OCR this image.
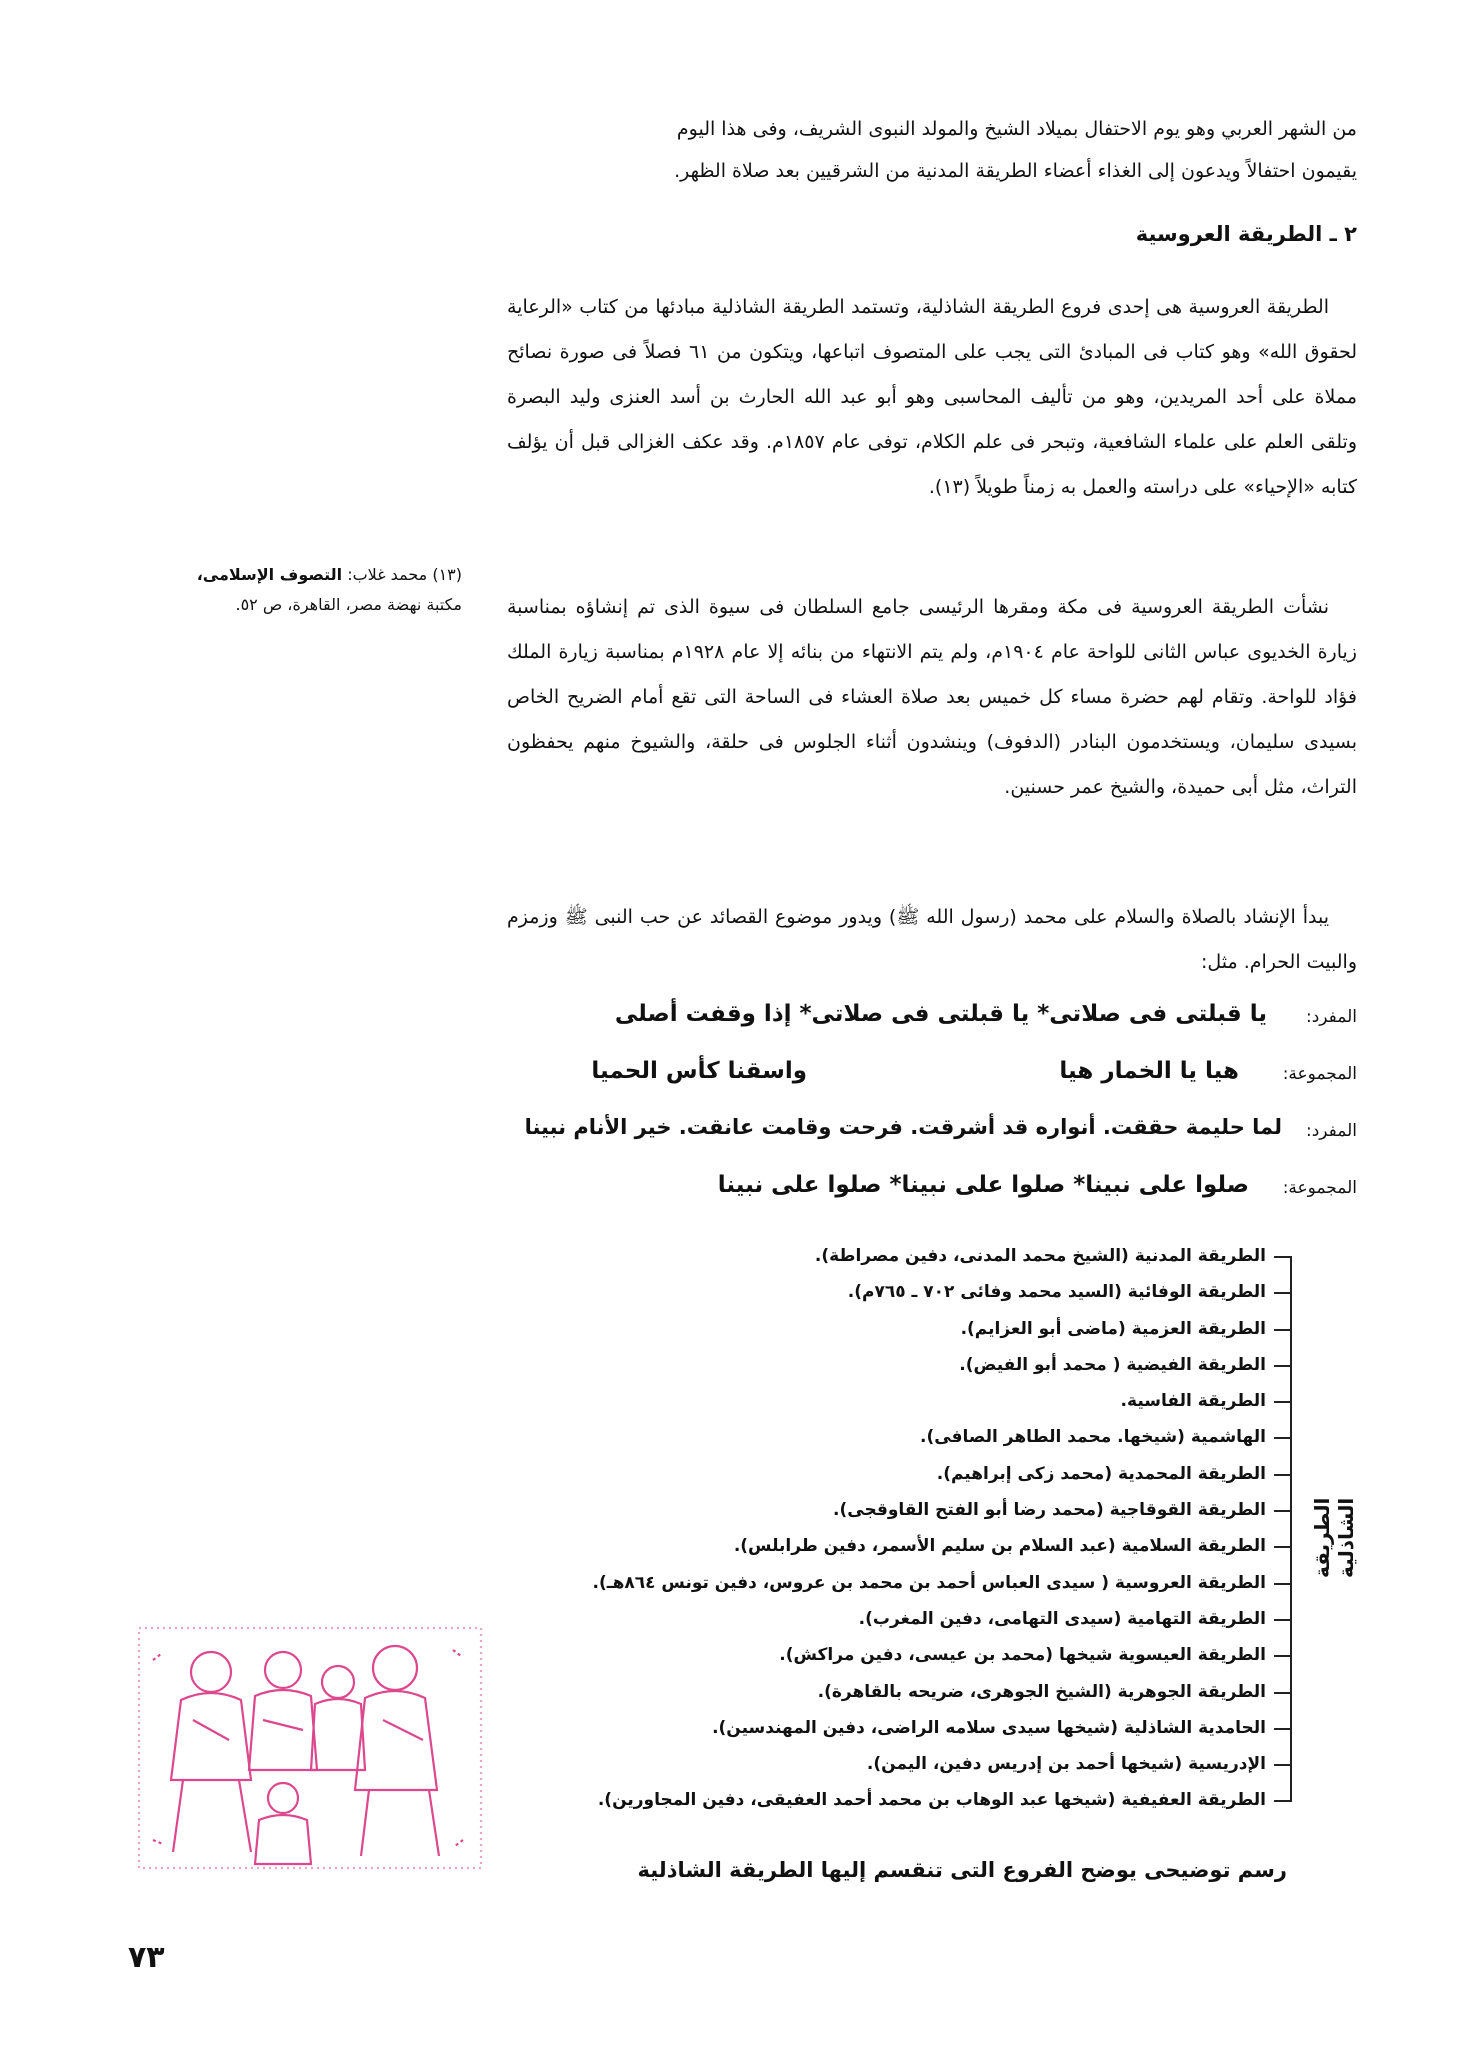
من الشهر العربي وهو يوم الاحتفال بميلاد الشيخ والمولد النبوى الشريف، وفى هذا اليوم
يقيمون احتفالاً ويدعون إلى الغذاء أعضاء الطريقة المدنية من الشرقيين بعد صلاة الظهر.
٢ ـ الطريقة العروسية

الطريقة العروسية هى إحدى فروع الطريقة الشاذلية، وتستمد الطريقة الشاذلية مبادئها من كتاب «الرعاية لحقوق الله» وهو كتاب فى المبادئ التى يجب على المتصوف اتباعها، ويتكون من ٦١ فصلاً فى صورة نصائح مملاة على أحد المريدين، وهو من تأليف المحاسبى وهو أبو عبد الله الحارث بن أسد العنزى وليد البصرة وتلقى العلم على علماء الشافعية، وتبحر فى علم الكلام، توفى عام ١٨٥٧م. وقد عكف الغزالى قبل أن يؤلف كتابه «الإحياء» على دراسته والعمل به زمناً طويلاً (١٣).

نشأت الطريقة العروسية فى مكة ومقرها الرئيسى جامع السلطان فى سيوة الذى تم إنشاؤه بمناسبة زيارة الخديوى عباس الثانى للواحة عام ١٩٠٤م، ولم يتم الانتهاء من بنائه إلا عام ١٩٢٨م بمناسبة زيارة الملك فؤاد للواحة. وتقام لهم حضرة مساء كل خميس بعد صلاة العشاء فى الساحة التى تقع أمام الضريح الخاص بسيدى سليمان، ويستخدمون البنادر (الدفوف) وينشدون أثناء الجلوس فى حلقة، والشيوخ منهم يحفظون التراث، مثل أبى حميدة، والشيخ عمر حسنين.

يبدأ الإنشاد بالصلاة والسلام على محمد (رسول الله ﷺ) ويدور موضوع القصائد عن حب النبى ﷺ وزمزم والبيت الحرام. مثل:

(١٣) محمد غلاب: التصوف الإسلامى،
مكتبة نهضة مصر، القاهرة، ص ٥٢.
المفرد:
يا قبلتى فى صلاتى* يا قبلتى فى صلاتى* إذا وقفت أصلى
المجموعة:
هيا يا الخمار هيا
واسقنا كأس الحميا
المفرد:
لما حليمة حققت. أنواره قد أشرقت. فرحت وقامت عانقت. خير الأنام نبينا
المجموعة:
صلوا على نبينا* صلوا على نبينا* صلوا على نبينا
الطريقة الشاذلية
الطريقة المدنية (الشيخ محمد المدنى، دفين مصراطة).
الطريقة الوفائية (السيد محمد وفائى ٧٠٢ ـ ٧٦٥م).
الطريقة العزمية (ماضى أبو العزايم).
الطريقة الفيضية ( محمد أبو الفيض).
الطريقة الفاسية.
الهاشمية (شيخها. محمد الطاهر الصافى).
الطريقة المحمدية (محمد زكى إبراهيم).
الطريقة القوقاجية (محمد رضا أبو الفتح القاوقجى).
الطريقة السلامية (عبد السلام بن سليم الأسمر، دفين طرابلس).
الطريقة العروسية ( سيدى العباس أحمد بن محمد بن عروس، دفين تونس ٨٦٤هـ).
الطريقة التهامية (سيدى التهامى، دفين المغرب).
الطريقة العيسوية شيخها (محمد بن عيسى، دفين مراكش).
الطريقة الجوهرية (الشيخ الجوهرى، ضريحه بالقاهرة).
الحامدية الشاذلية (شيخها سيدى سلامه الراضى، دفين المهندسين).
الإدريسية (شيخها أحمد بن إدريس دفين، اليمن).
الطريقة العفيفية (شيخها عبد الوهاب بن محمد أحمد العفيقى، دفين المجاورين).
رسم توضيحى يوضح الفروع التى تنقسم إليها الطريقة الشاذلية
٧٣
